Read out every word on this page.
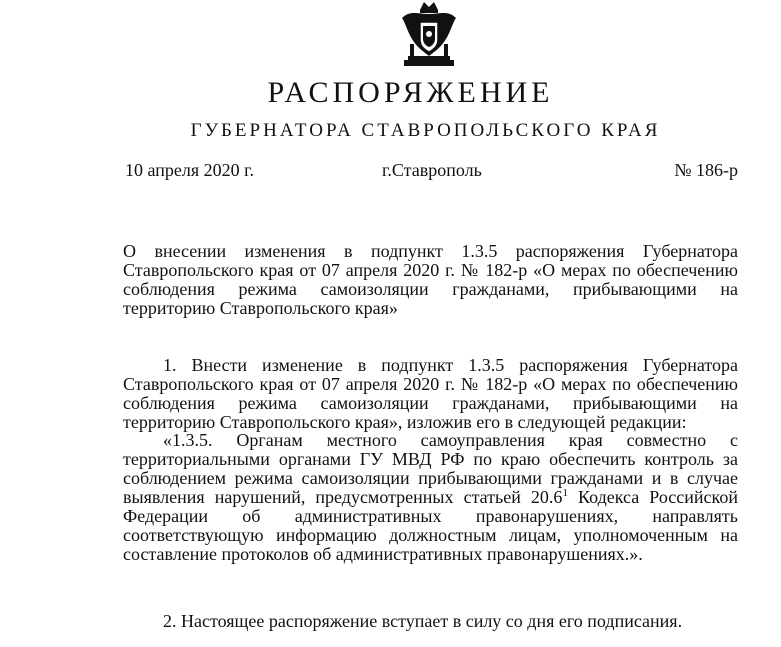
РАСПОРЯЖЕНИЕ
ГУБЕРНАТОРА СТАВРОПОЛЬСКОГО КРАЯ
10 апреля 2020 г.	г.Ставрополь	№ 186-р
О внесении изменения в подпункт 1.3.5 распоряжения Губернатора Ставропольского края от 07 апреля 2020 г. № 182-р «О мерах по обеспечению соблюдения режима самоизоляции гражданами, прибывающими на территорию Ставропольского края»
1. Внести изменение в подпункт 1.3.5 распоряжения Губернатора Ставропольского края от 07 апреля 2020 г. № 182-р «О мерах по обеспечению соблюдения режима самоизоляции гражданами, прибывающими на территорию Ставропольского края», изложив его в следующей редакции:
«1.3.5. Органам местного самоуправления края совместно с территориальными органами ГУ МВД РФ по краю обеспечить контроль за соблюдением режима самоизоляции прибывающими гражданами и в случае выявления нарушений, предусмотренных статьей 20.6$^1$ Кодекса Российской Федерации об административных правонарушениях, направлять соответствующую информацию должностным лицам, уполномоченным на составление протоколов об административных правонарушениях.».
2. Настоящее распоряжение вступает в силу со дня его подписания.
